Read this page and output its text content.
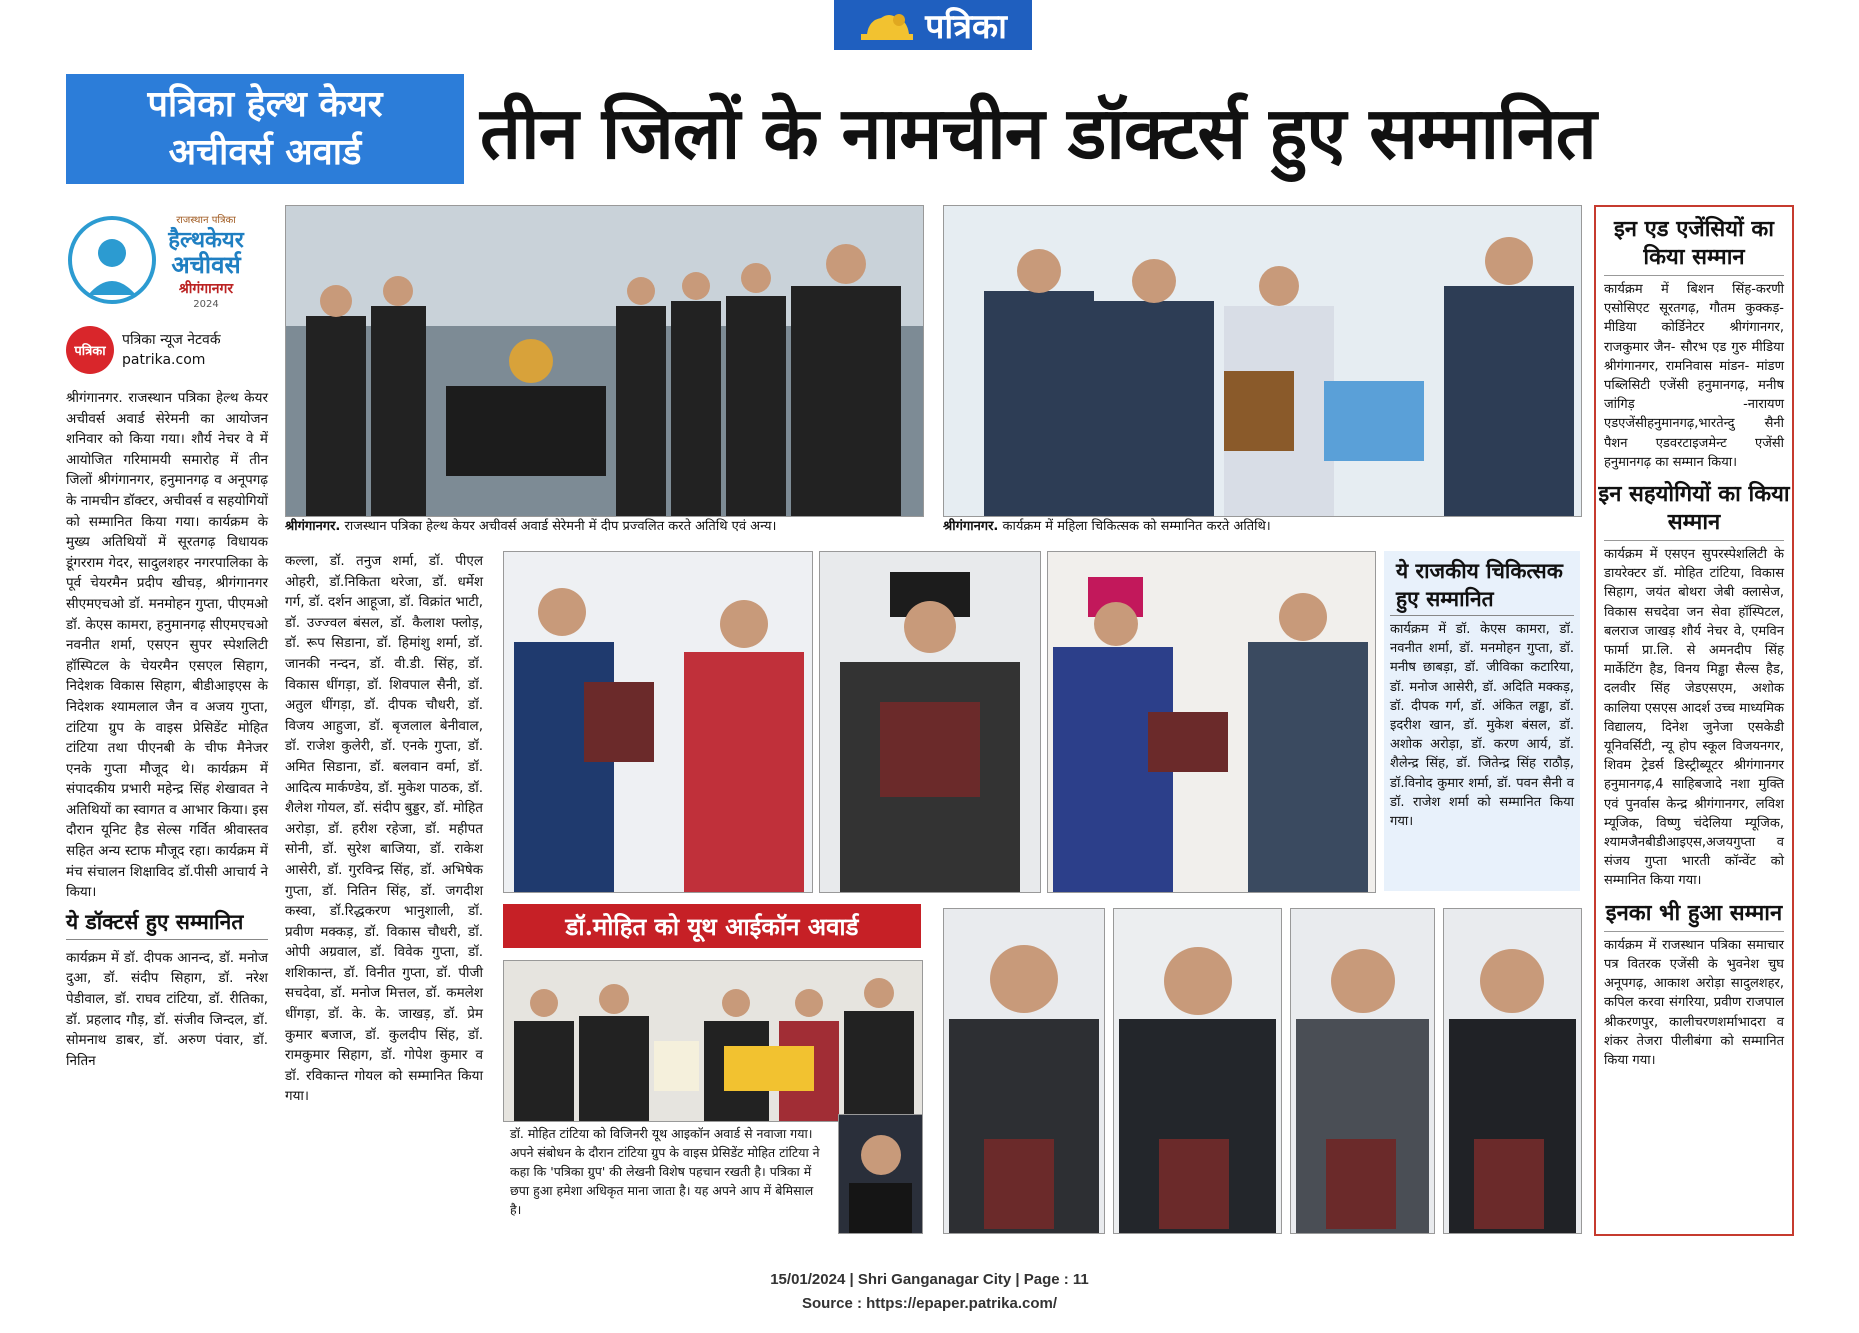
पत्रिका
पत्रिका हेल्थ केयर
अचीवर्स अवार्ड	तीन जिलों के नामचीन डॉक्टर्स हुए सम्मानित
राजस्थान पत्रिका
हैल्थकेयर
अचीवर्स
श्रीगंगानगर
2024
पत्रिका
पत्रिका न्यूज नेटवर्क
patrika.com
श्रीगंगानगर. राजस्थान पत्रिका हेल्थ केयर अचीवर्स अवार्ड सेरेमनी का आयोजन शनिवार को किया गया। शौर्य नेचर वे में आयोजित गरिमामयी समारोह में तीन जिलों श्रीगंगानगर, हनुमानगढ़ व अनूपगढ़ के नामचीन डॉक्टर, अचीवर्स व सहयोगियों को सम्मानित किया गया। कार्यक्रम के मुख्य अतिथियों में सूरतगढ़ विधायक डूंगरराम गेदर, सादुलशहर नगरपालिका के पूर्व चेयरमैन प्रदीप खीचड़, श्रीगंगानगर सीएमएचओ डॉ. मनमोहन गुप्ता, पीएमओ डॉ. केएस कामरा, हनुमानगढ़ सीएमएचओ नवनीत शर्मा, एसएन सुपर स्पेशलिटी हॉस्पिटल के चेयरमैन एसएल सिहाग, निदेशक विकास सिहाग, बीडीआइएस के निदेशक श्यामलाल जैन व अजय गुप्ता, टांटिया ग्रुप के वाइस प्रेसिडेंट मोहित टांटिया तथा पीएनबी के चीफ मैनेजर एनके गुप्ता मौजूद थे। कार्यक्रम में संपादकीय प्रभारी महेन्द्र सिंह शेखावत ने अतिथियों का स्वागत व आभार किया। इस दौरान यूनिट हैड सेल्स गर्वित श्रीवास्तव सहित अन्य स्टाफ मौजूद रहा। कार्यक्रम में मंच संचालन शिक्षाविद डॉ.पीसी आचार्य ने किया।
ये डॉक्टर्स हुए सम्मानित
कार्यक्रम में डॉ. दीपक आनन्द, डॉ. मनोज दुआ, डॉ. संदीप सिहाग, डॉ. नरेश पेडीवाल, डॉ. राघव टांटिया, डॉ. रीतिका, डॉ. प्रहलाद गौड़, डॉ. संजीव जिन्दल, डॉ. सोमनाथ डाबर, डॉ. अरुण पंवार, डॉ. नितिन
श्रीगंगानगर. राजस्थान पत्रिका हेल्थ केयर अचीवर्स अवार्ड सेरेमनी में दीप प्रज्वलित करते अतिथि एवं अन्य।	श्रीगंगानगर. कार्यक्रम में महिला चिकित्सक को सम्मानित करते अतिथि।
कल्ला, डॉ. तनुज शर्मा, डॉ. पीएल ओहरी, डॉ.निकिता थरेजा, डॉ. धर्मेश गर्ग, डॉ. दर्शन आहूजा, डॉ. विक्रांत भाटी, डॉ. उज्ज्वल बंसल, डॉ. कैलाश फ्लोड़, डॉ. रूप सिडाना, डॉ. हिमांशु शर्मा, डॉ. जानकी नन्दन, डॉ. वी.डी. सिंह, डॉ. विकास धींगड़ा, डॉ. शिवपाल सैनी, डॉ. अतुल धींगड़ा, डॉ. दीपक चौधरी, डॉ. विजय आहुजा, डॉ. बृजलाल बेनीवाल, डॉ. राजेश कुलेरी, डॉ. एनके गुप्ता, डॉ. अमित सिडाना, डॉ. बलवान वर्मा, डॉ. आदित्य मार्कण्डेय, डॉ. मुकेश पाठक, डॉ. शैलेश गोयल, डॉ. संदीप बुड्डर, डॉ. मोहित अरोड़ा, डॉ. हरीश रहेजा, डॉ. महीपत सोनी, डॉ. सुरेश बाजिया, डॉ. राकेश आसेरी, डॉ. गुरविन्द्र सिंह, डॉ. अभिषेक गुप्ता, डॉ. नितिन सिंह, डॉ. जगदीश कस्वा, डॉ.रिद्धकरण भानुशाली, डॉ. प्रवीण मक्कड़, डॉ. विकास चौधरी, डॉ. ओपी अग्रवाल, डॉ. विवेक गुप्ता, डॉ. शशिकान्त, डॉ. विनीत गुप्ता, डॉ. पीजी सचदेवा, डॉ. मनोज मित्तल, डॉ. कमलेश धींगड़ा, डॉ. के. के. जाखड़, डॉ. प्रेम कुमार बजाज, डॉ. कुलदीप सिंह, डॉ. रामकुमार सिहाग, डॉ. गोपेश कुमार व डॉ. रविकान्त गोयल को सम्मानित किया गया।
ये राजकीय चिकित्सक हुए सम्मानित
कार्यक्रम में डॉ. केएस कामरा, डॉ. नवनीत शर्मा, डॉ. मनमोहन गुप्ता, डॉ. मनीष छाबड़ा, डॉ. जीविका कटारिया, डॉ. मनोज आसेरी, डॉ. अदिति मक्कड़, डॉ. दीपक गर्ग, डॉ. अंकित लड्ढा, डॉ. इदरीश खान, डॉ. मुकेश बंसल, डॉ. अशोक अरोड़ा, डॉ. करण आर्य, डॉ. शैलेन्द्र सिंह, डॉ. जितेन्द्र सिंह राठौड़, डॉ.विनोद कुमार शर्मा, डॉ. पवन सैनी व डॉ. राजेश शर्मा को सम्मानित किया गया।
डॉ.मोहित को यूथ आईकॉन अवार्ड
डॉ. मोहित टांटिया को विजिनरी यूथ आइकॉन अवार्ड से नवाजा गया। अपने संबोधन के दौरान टांटिया ग्रुप के वाइस प्रेसिडेंट मोहित टांटिया ने कहा कि 'पत्रिका ग्रुप' की लेखनी विशेष पहचान रखती है। पत्रिका में छपा हुआ हमेशा अधिकृत माना जाता है। यह अपने आप में बेमिसाल है।
इन एड एजेंसियों का किया सम्मान
कार्यक्रम में बिशन सिंह-करणी एसोसिएट सूरतगढ़, गौतम कुक्कड़-मीडिया कोर्डिनेटर श्रीगंगानगर, राजकुमार जैन- सौरभ एड गुरु मीडिया श्रीगंगानगर, रामनिवास मांडन- मांडण पब्लिसिटी एजेंसी हनुमानगढ़, मनीष जांगिड़ -नारायण एडएजेंसीहनुमानगढ़,भारतेन्दु सैनी पैशन एडवरटाइजमेन्ट एजेंसी हनुमानगढ़ का सम्मान किया।
इन सहयोगियों का किया सम्मान
कार्यक्रम में एसएन सुपरस्पेशलिटी के डायरेक्टर डॉ. मोहित टांटिया, विकास सिहाग, जयंत बोथरा जेबी क्लासेज, विकास सचदेवा जन सेवा हॉस्पिटल, बलराज जाखड़ शौर्य नेचर वे, एमविन फार्मा प्रा.लि. से अमनदीप सिंह मार्केटिंग हैड, विनय मिड्ढा सैल्स हैड, दलवीर सिंह जेडएसएम, अशोक कालिया एसएस आदर्श उच्च माध्यमिक विद्यालय, दिनेश जुनेजा एसकेडी यूनिवर्सिटी, न्यू होप स्कूल विजयनगर, शिवम ट्रेडर्स डिस्ट्रीब्यूटर श्रीगंगानगर हनुमानगढ़,4 साहिबजादे नशा मुक्ति एवं पुनर्वास केन्द्र श्रीगंगानगर, लविश म्यूजिक, विष्णु चंदेलिया म्यूजिक, श्यामजैनबीडीआइएस,अजयगुप्ता व संजय गुप्ता भारती कॉन्वेंट को सम्मानित किया गया।
इनका भी हुआ सम्मान
कार्यक्रम में राजस्थान पत्रिका समाचार पत्र वितरक एजेंसी के भुवनेश चुघ अनूपगढ़, आकाश अरोड़ा सादुलशहर, कपिल करवा संगरिया, प्रवीण राजपाल श्रीकरणपुर, कालीचरणशर्माभादरा व शंकर तेजरा पीलीबंगा को सम्मानित किया गया।
15/01/2024 | Shri Ganganagar City | Page : 11
Source : https://epaper.patrika.com/
